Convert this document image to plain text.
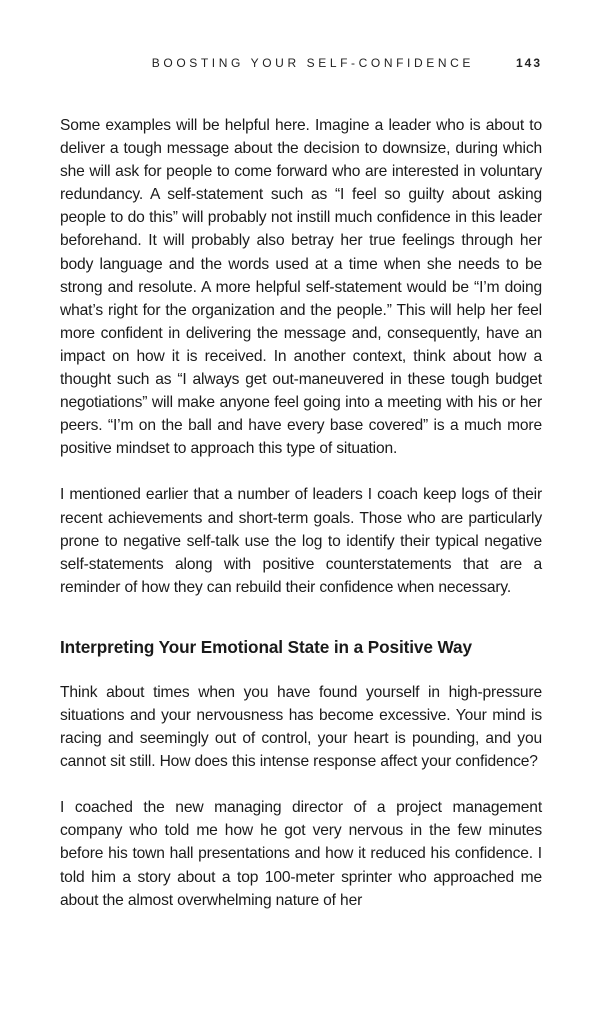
BOOSTING YOUR SELF-CONFIDENCE	143

Some examples will be helpful here. Imagine a leader who is about to deliver a tough message about the decision to downsize, during which she will ask for people to come forward who are interested in voluntary redundancy. A self-statement such as “I feel so guilty about asking people to do this” will probably not instill much confidence in this leader beforehand. It will probably also betray her true feelings through her body language and the words used at a time when she needs to be strong and resolute. A more helpful self-statement would be “I’m doing what’s right for the organization and the people.” This will help her feel more confident in delivering the message and, consequently, have an impact on how it is received. In another context, think about how a thought such as “I always get out-maneuvered in these tough budget negotiations” will make anyone feel going into a meeting with his or her peers. “I’m on the ball and have every base covered” is a much more positive mindset to approach this type of situation.

I mentioned earlier that a number of leaders I coach keep logs of their recent achievements and short-term goals. Those who are particularly prone to negative self-talk use the log to identify their typical negative self-statements along with positive counterstatements that are a reminder of how they can rebuild their confidence when necessary.

Interpreting Your Emotional State in a Positive Way

Think about times when you have found yourself in high-pressure situations and your nervousness has become excessive. Your mind is racing and seemingly out of control, your heart is pounding, and you cannot sit still. How does this intense response affect your confidence?

I coached the new managing director of a project management company who told me how he got very nervous in the few minutes before his town hall presentations and how it reduced his confidence. I told him a story about a top 100-meter sprinter who approached me about the almost overwhelming nature of her
